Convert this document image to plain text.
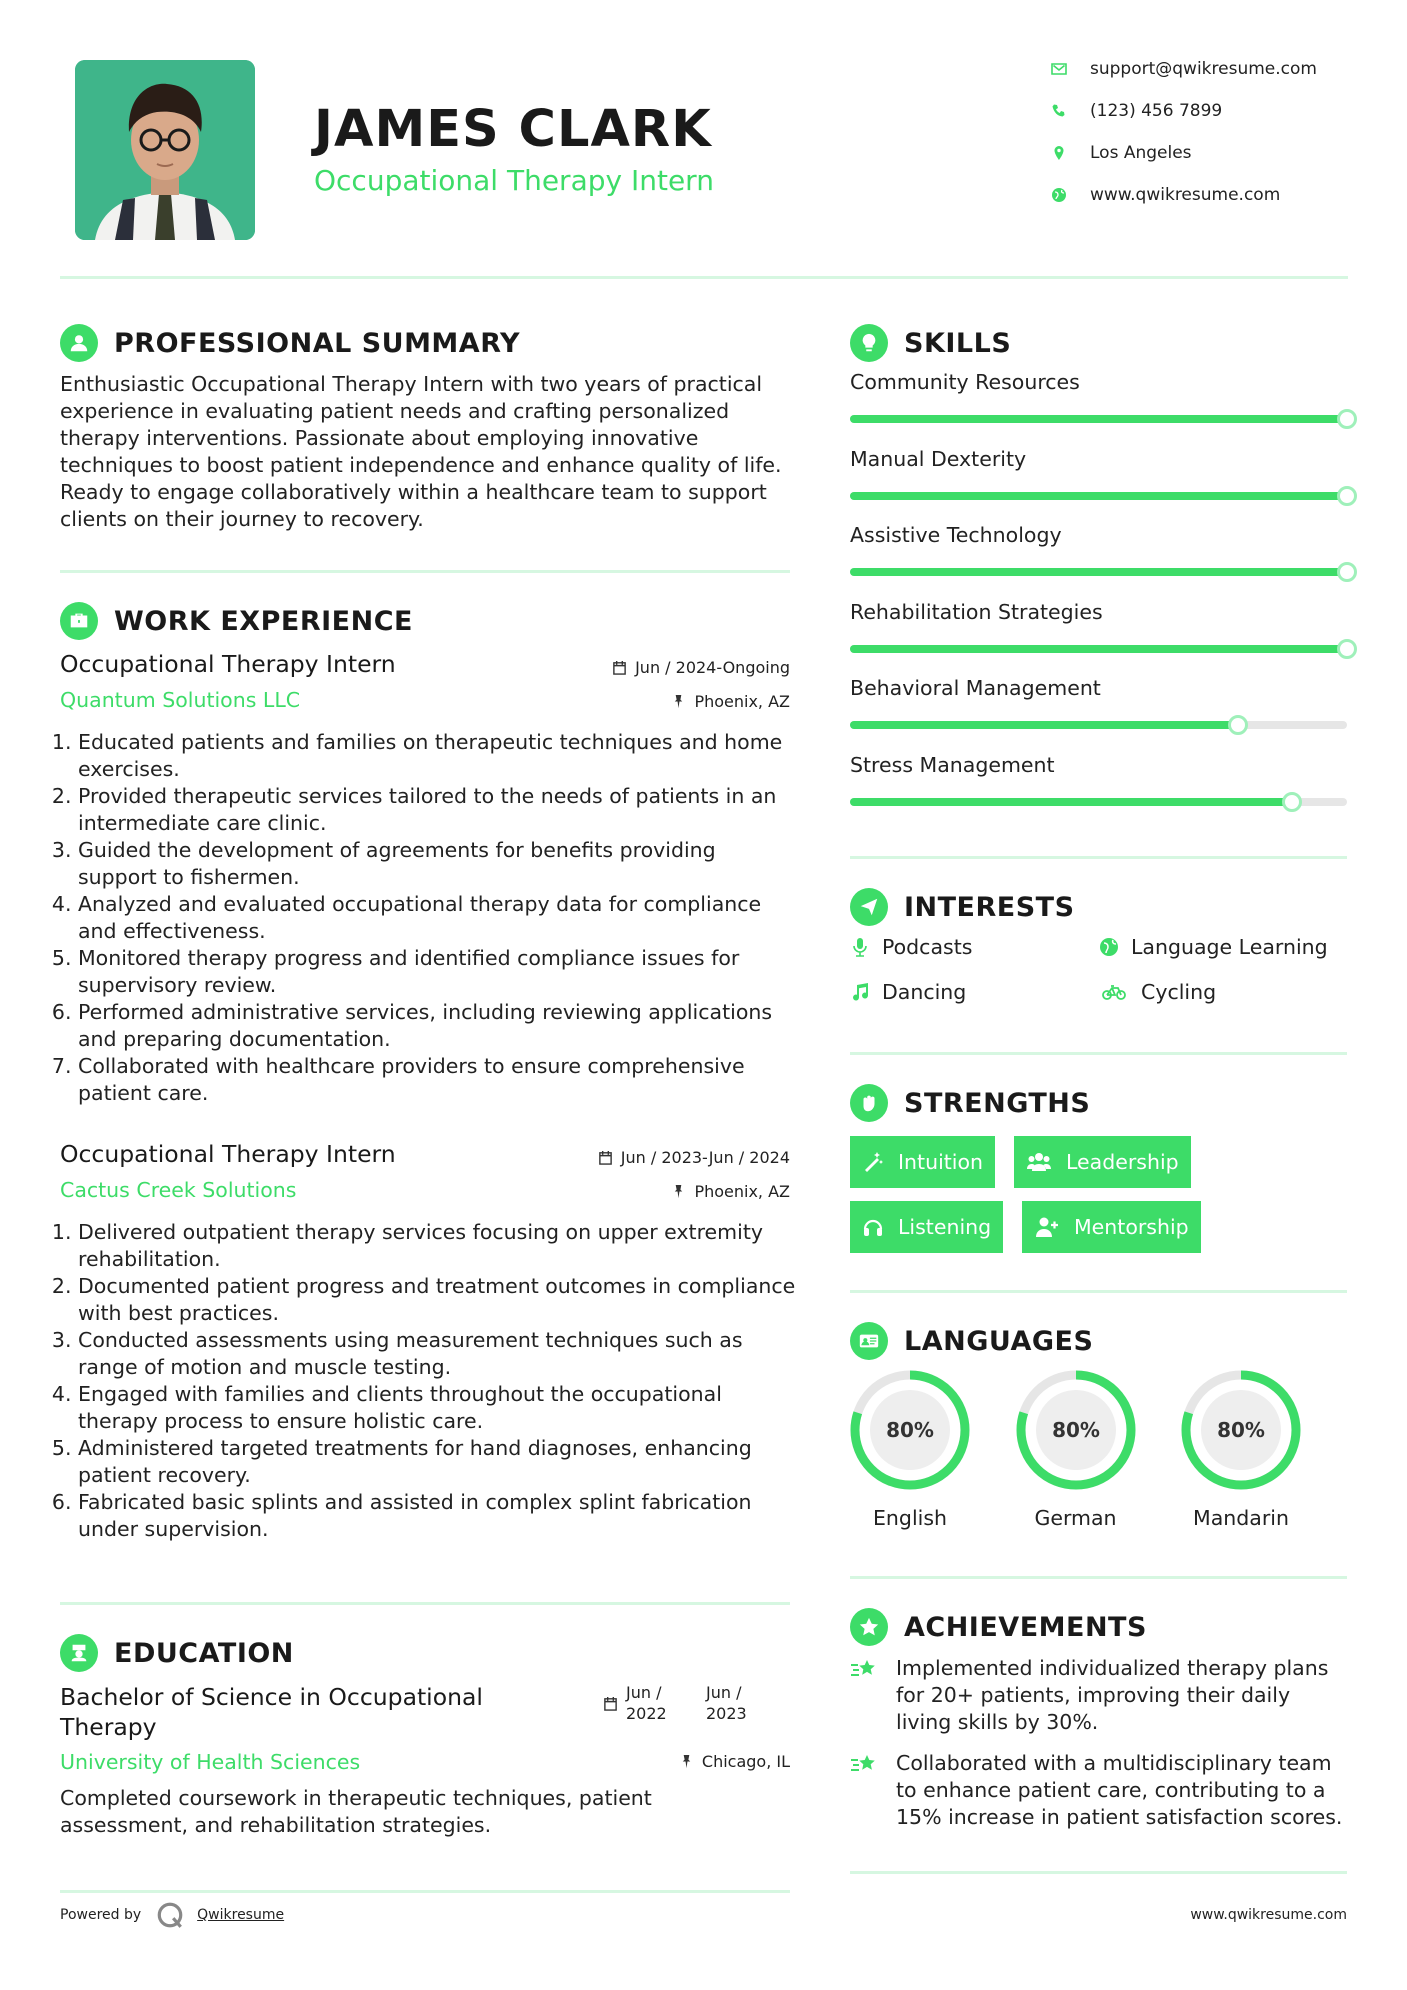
JAMES CLARK
Occupational Therapy Intern
support@qwikresume.com
(123) 456 7899
Los Angeles
www.qwikresume.com
PROFESSIONAL SUMMARY
Enthusiastic Occupational Therapy Intern with two years of practical experience in evaluating patient needs and crafting personalized therapy interventions. Passionate about employing innovative techniques to boost patient independence and enhance quality of life. Ready to engage collaboratively within a healthcare team to support clients on their journey to recovery.
WORK EXPERIENCE
Occupational Therapy Intern	Jun / 2024-Ongoing
Quantum Solutions LLC	Phoenix, AZ
1. Educated patients and families on therapeutic techniques and home exercises.
2. Provided therapeutic services tailored to the needs of patients in an intermediate care clinic.
3. Guided the development of agreements for benefits providing support to fishermen.
4. Analyzed and evaluated occupational therapy data for compliance and effectiveness.
5. Monitored therapy progress and identified compliance issues for supervisory review.
6. Performed administrative services, including reviewing applications and preparing documentation.
7. Collaborated with healthcare providers to ensure comprehensive patient care.
Occupational Therapy Intern	Jun / 2023-Jun / 2024
Cactus Creek Solutions	Phoenix, AZ
1. Delivered outpatient therapy services focusing on upper extremity rehabilitation.
2. Documented patient progress and treatment outcomes in compliance with best practices.
3. Conducted assessments using measurement techniques such as range of motion and muscle testing.
4. Engaged with families and clients throughout the occupational therapy process to ensure holistic care.
5. Administered targeted treatments for hand diagnoses, enhancing patient recovery.
6. Fabricated basic splints and assisted in complex splint fabrication under supervision.
EDUCATION
Bachelor of Science in Occupational Therapy
Jun / 2022
Jun / 2023
University of Health Sciences	Chicago, IL
Completed coursework in therapeutic techniques, patient assessment, and rehabilitation strategies.
SKILLS
Community Resources
Manual Dexterity
Assistive Technology
Rehabilitation Strategies
Behavioral Management
Stress Management
INTERESTS
Podcasts	Language Learning
Dancing	Cycling
STRENGTHS
Intuition	Leadership
Listening	Mentorship
LANGUAGES
80%
English
80%
German
80%
Mandarin
ACHIEVEMENTS
Implemented individualized therapy plans for 20+ patients, improving their daily living skills by 30%.
Collaborated with a multidisciplinary team to enhance patient care, contributing to a 15% increase in patient satisfaction scores.
Powered by	Qwikresume	www.qwikresume.com
